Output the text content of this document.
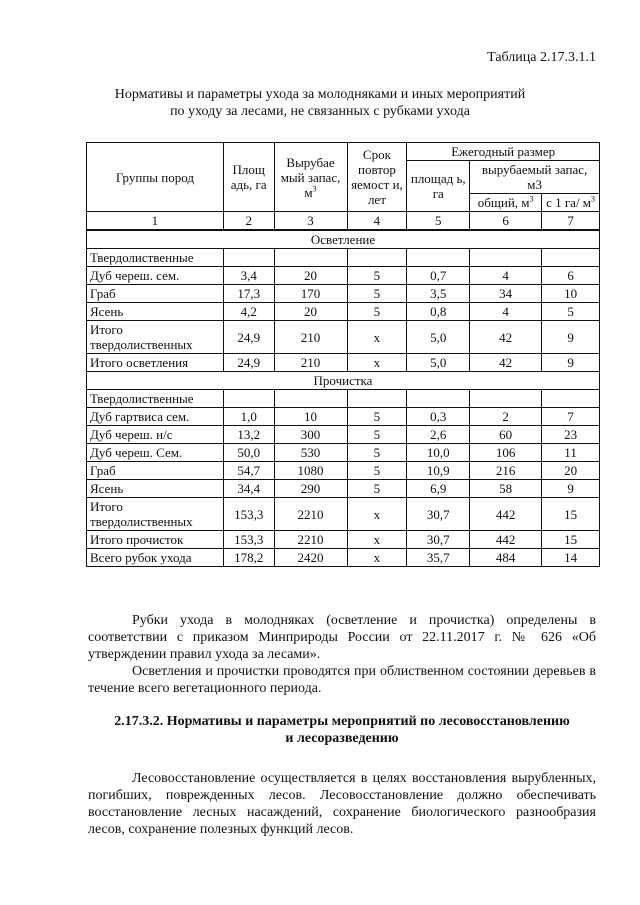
Таблица 2.17.3.1.1
Нормативы и параметры ухода за молодняками и иных мероприятий
по уходу за лесами, не связанных с рубками ухода
Группы пород	Площ адь, га	Вырубае мый запас, $м^3$	Срок повтор яемост и, лет	Ежегодный размер		
				площад ь, га	вырубаемый запас, м3	
					общий, $м^3$	с 1 га/ $м^3$
1	2	3	4	5	6	7
Осветление						
Твердолиственные						
Дуб череш. сем.	3,4	20	5	0,7	4	6
Граб	17,3	170	5	3,5	34	10
Ясень	4,2	20	5	0,8	4	5
Итого твердолиственных	24,9	210	х	5,0	42	9
Итого осветления	24,9	210	х	5,0	42	9
Прочистка						
Твердолиственные						
Дуб гартвиса сем.	1,0	10	5	0,3	2	7
Дуб череш. н/с	13,2	300	5	2,6	60	23
Дуб череш. Сем.	50,0	530	5	10,0	106	11
Граб	54,7	1080	5	10,9	216	20
Ясень	34,4	290	5	6,9	58	9
Итого твердолиственных	153,3	2210	х	30,7	442	15
Итого прочисток	153,3	2210	х	30,7	442	15
Всего рубок ухода	178,2	2420	х	35,7	484	14
Рубки ухода в молодняках (осветление и прочистка) определены в соответствии с приказом Минприроды России от 22.11.2017 г. № 626 «Об утверждении правил ухода за лесами».
Осветления и прочистки проводятся при облиственном состоянии деревьев в течение всего вегетационного периода.
2.17.3.2. Нормативы и параметры мероприятий по лесовосстановлению
и лесоразведению
Лесовосстановление осуществляется в целях восстановления вырубленных, погибших, поврежденных лесов. Лесовосстановление должно обеспечивать восстановление лесных насаждений, сохранение биологического разнообразия лесов, сохранение полезных функций лесов.
